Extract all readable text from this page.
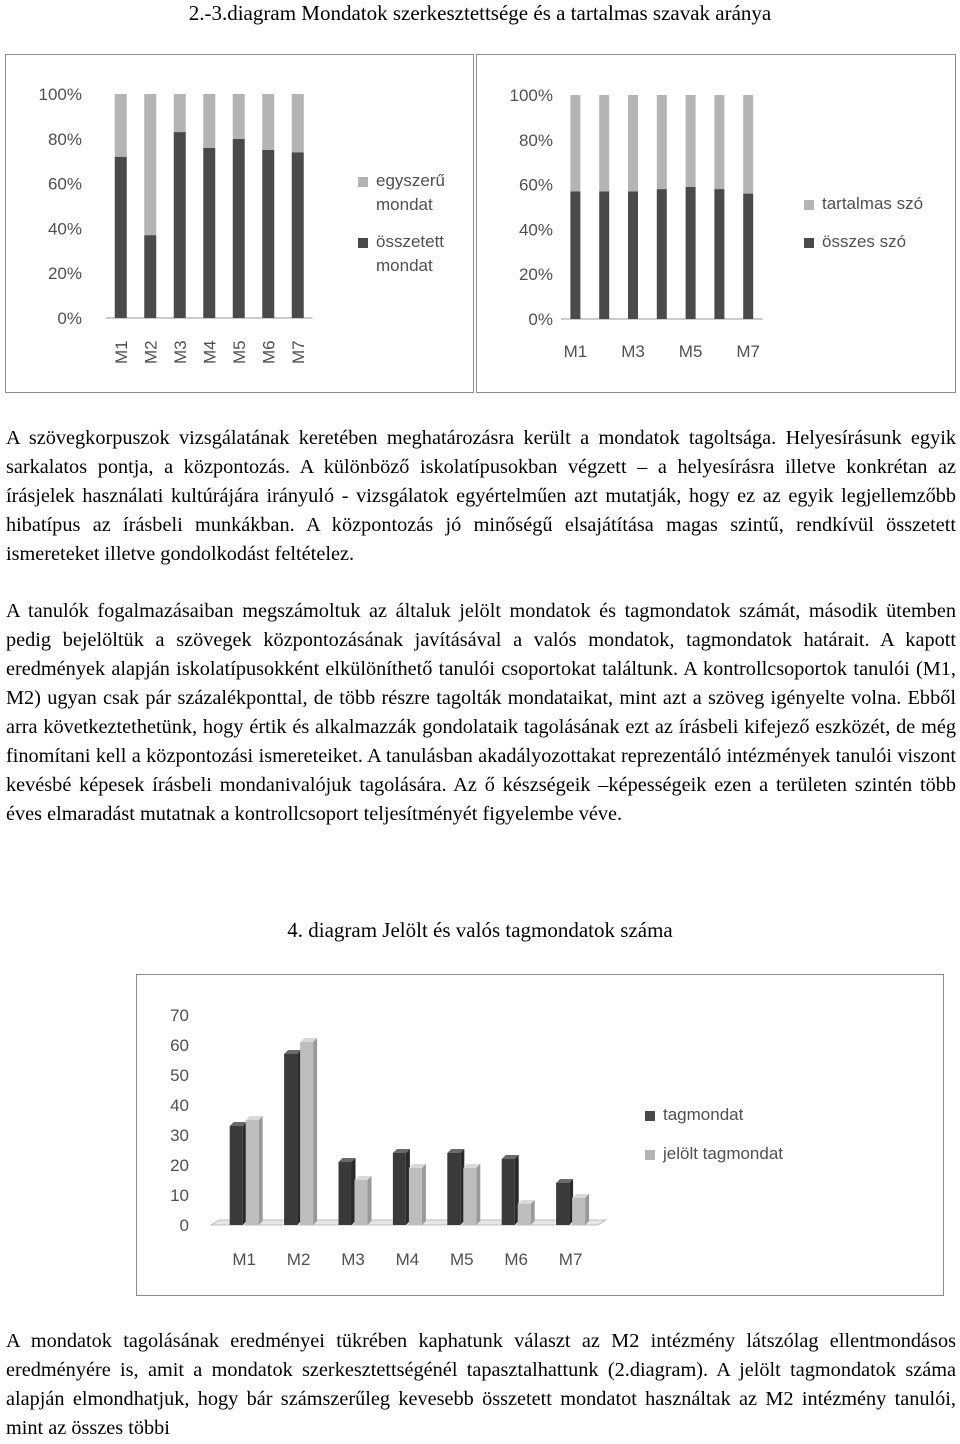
2.-3.diagram Mondatok szerkesztettsége és a tartalmas szavak aránya
0%
20%
40%
60%
80%
100%
M1 M2 M3 M4 M5 M6 M7
egyszerű
mondat
összetett
mondat
0%
20%
40%
60%
80%
100%
M1 M3 M5 M7
tartalmas szó
összes szó

A szövegkorpuszok vizsgálatának keretében meghatározásra került a mondatok tagoltsága. Helyesírásunk egyik sarkalatos pontja, a központozás. A különböző iskolatípusokban végzett – a helyesírásra illetve konkrétan az írásjelek használati kultúrájára irányuló - vizsgálatok egyértelműen azt mutatják, hogy ez az egyik legjellemzőbb hibatípus az írásbeli munkákban. A központozás jó minőségű elsajátítása magas szintű, rendkívül összetett ismereteket illetve gondolkodást feltételez.

A tanulók fogalmazásaiban megszámoltuk az általuk jelölt mondatok és tagmondatok számát, második ütemben pedig bejelöltük a szövegek központozásának javításával a valós mondatok, tagmondatok határait. A kapott eredmények alapján iskolatípusokként elkülöníthető tanulói csoportokat találtunk. A kontrollcsoportok tanulói (M1, M2) ugyan csak pár százalékponttal, de több részre tagolták mondataikat, mint azt a szöveg igényelte volna. Ebből arra következtethetünk, hogy értik és alkalmazzák gondolataik tagolásának ezt az írásbeli kifejező eszközét, de még finomítani kell a központozási ismereteiket. A tanulásban akadályozottakat reprezentáló intézmények tanulói viszont kevésbé képesek írásbeli mondanivalójuk tagolására. Az ő készségeik –képességeik ezen a területen szintén több éves elmaradást mutatnak a kontrollcsoport teljesítményét figyelembe véve.

4. diagram Jelölt és valós tagmondatok száma
0
10
20
30
40
50
60
70
M1 M2 M3 M4 M5 M6 M7
tagmondat
jelölt tagmondat

A mondatok tagolásának eredményei tükrében kaphatunk választ az M2 intézmény látszólag ellentmondásos eredményére is, amit a mondatok szerkesztettségénél tapasztalhattunk (2.diagram). A jelölt tagmondatok száma alapján elmondhatjuk, hogy bár számszerűleg kevesebb összetett mondatot használtak az M2 intézmény tanulói, mint az összes többi
